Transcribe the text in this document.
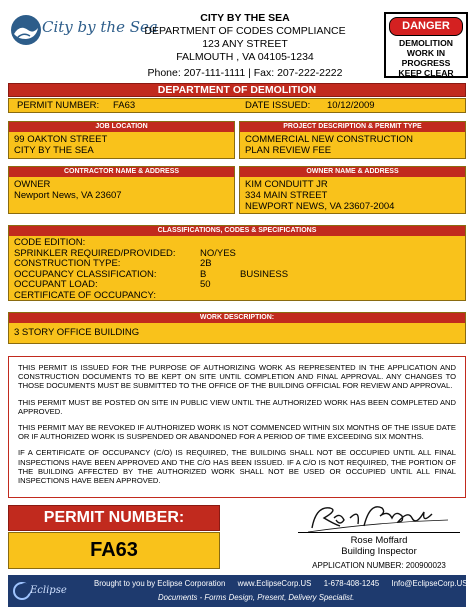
City by the Sea	CITY BY THE SEA
DEPARTMENT OF CODES COMPLIANCE
123 ANY STREET
FALMOUTH , VA 04105-1234
Phone: 207-111-1111 | Fax: 207-222-2222
DANGER
DEMOLITION
WORK IN PROGRESS
KEEP CLEAR
DEPARTMENT OF DEMOLITION
PERMIT NUMBER: FA63	DATE ISSUED: 10/12/2009
JOB LOCATION
99 OAKTON STREET
CITY BY THE SEA
PROJECT DESCRIPTION & PERMIT TYPE
COMMERCIAL NEW CONSTRUCTION
PLAN REVIEW FEE
CONTRACTOR NAME & ADDRESS
OWNER
Newport News, VA 23607
OWNER NAME & ADDRESS
KIM CONDUITT JR
334 MAIN STREET
NEWPORT NEWS, VA 23607-2004
CLASSIFICATIONS, CODES & SPECIFICATIONS
CODE EDITION:
SPRINKLER REQUIRED/PROVIDED:	NO/YES
CONSTRUCTION TYPE:	2B
OCCUPANCY CLASSIFICATION:	B	BUSINESS
OCCUPANT LOAD:	50
CERTIFICATE OF OCCUPANCY:
WORK DESCRIPTION:
3 STORY OFFICE BUILDING

THIS PERMIT IS ISSUED FOR THE PURPOSE OF AUTHORIZING WORK AS REPRESENTED IN THE APPLICATION AND CONSTRUCTION DOCUMENTS TO BE KEPT ON SITE UNTIL COMPLETION AND FINAL APPROVAL. ANY CHANGES TO THOSE DOCUMENTS MUST BE SUBMITTED TO THE OFFICE OF THE BUILDING OFFICIAL FOR REVIEW AND APPROVAL.

THIS PERMIT MUST BE POSTED ON SITE IN PUBLIC VIEW UNTIL THE AUTHORIZED WORK HAS BEEN COMPLETED AND APPROVED.

THIS PERMIT MAY BE REVOKED IF AUTHORIZED WORK IS NOT COMMENCED WITHIN SIX MONTHS OF THE ISSUE DATE OR IF AUTHORIZED WORK IS SUSPENDED OR ABANDONED FOR A PERIOD OF TIME EXCEEDING SIX MONTHS.

IF A CERTIFICATE OF OCCUPANCY (C/O) IS REQUIRED, THE BUILDING SHALL NOT BE OCCUPIED UNTIL ALL FINAL INSPECTIONS HAVE BEEN APPROVED AND THE C/O HAS BEEN ISSUED. IF A C/O IS NOT REQUIRED, THE PORTION OF THE BUILDING AFFECTED BY THE AUTHORIZED WORK SHALL NOT BE USED OR OCCUPIED UNTIL ALL FINAL INSPECTIONS HAVE BEEN APPROVED.

PERMIT NUMBER:
FA63	Rose Moffard
Building Inspector
APPLICATION NUMBER: 200900023
Eclipse
Brought to you by Eclipse Corporation www.EclipseCorp.US 1-678-408-1245 Info@EclipseCorp.US
Documents - Forms Design, Present, Delivery Specialist.
